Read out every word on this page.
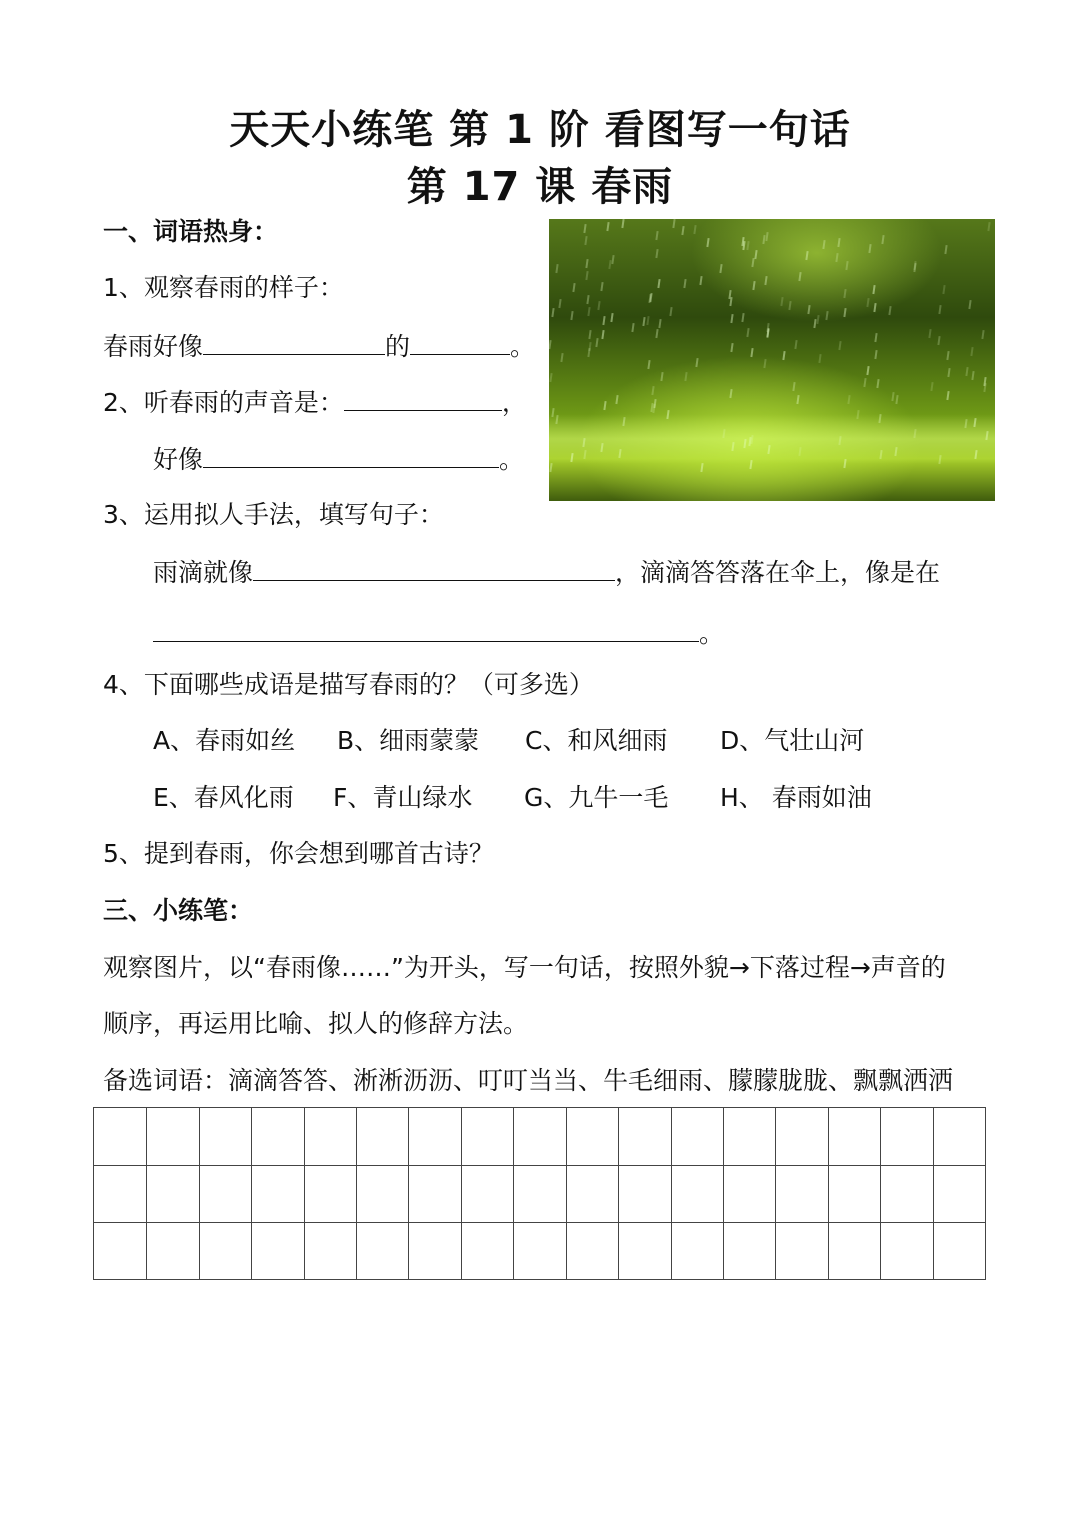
天天小练笔 第 1 阶 看图写一句话
第 17 课 春雨
一、词语热身：
1、观察春雨的样子：
春雨好像	的	。
2、听春雨的声音是：	，
好像	。
3、运用拟人手法，填写句子：
雨滴就像	，滴滴答答落在伞上，像是在
。
4、下面哪些成语是描写春雨的？（可多选）
A、春雨如丝 B、细雨蒙蒙 C、和风细雨 D、气壮山河
E、春风化雨 F、青山绿水 G、九牛一毛 H、 春雨如油
5、提到春雨，你会想到哪首古诗？
三、小练笔：
观察图片，以“春雨像……”为开头，写一句话，按照外貌→下落过程→声音的
顺序，再运用比喻、拟人的修辞方法。
备选词语：滴滴答答、淅淅沥沥、叮叮当当、牛毛细雨、朦朦胧胧、飘飘洒洒
